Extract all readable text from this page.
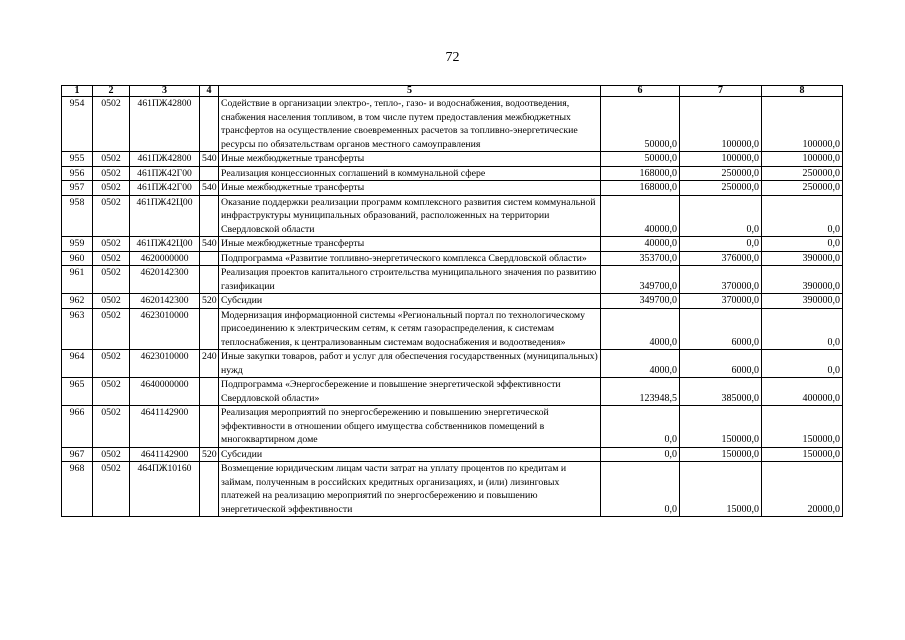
72
1	2	3	4	5	6	7	8
954	0502	461ПЖ42800		Содействие в организации электро-, тепло-, газо- и водоснабжения, водоотведения, снабжения населения топливом, в том числе путем предоставления межбюджетных трансфертов на осуществление своевременных расчетов за топливно-энергетические ресурсы по обязательствам органов местного самоуправления	50000,0	100000,0	100000,0
955	0502	461ПЖ42800	540	Иные межбюджетные трансферты	50000,0	100000,0	100000,0
956	0502	461ПЖ42Г00		Реализация концессионных соглашений в коммунальной сфере	168000,0	250000,0	250000,0
957	0502	461ПЖ42Г00	540	Иные межбюджетные трансферты	168000,0	250000,0	250000,0
958	0502	461ПЖ42Ц00		Оказание поддержки реализации программ комплексного развития систем коммунальной инфраструктуры муниципальных образований, расположенных на территории Свердловской области	40000,0	0,0	0,0
959	0502	461ПЖ42Ц00	540	Иные межбюджетные трансферты	40000,0	0,0	0,0
960	0502	4620000000		Подпрограмма «Развитие топливно-энергетического комплекса Свердловской области»	353700,0	376000,0	390000,0
961	0502	4620142300		Реализация проектов капитального строительства муниципального значения по развитию газификации	349700,0	370000,0	390000,0
962	0502	4620142300	520	Субсидии	349700,0	370000,0	390000,0
963	0502	4623010000		Модернизация информационной системы «Региональный портал по технологическому присоединению к электрическим сетям, к сетям газораспределения, к системам теплоснабжения, к централизованным системам водоснабжения и водоотведения»	4000,0	6000,0	0,0
964	0502	4623010000	240	Иные закупки товаров, работ и услуг для обеспечения государственных (муниципальных) нужд	4000,0	6000,0	0,0
965	0502	4640000000		Подпрограмма «Энергосбережение и повышение энергетической эффективности Свердловской области»	123948,5	385000,0	400000,0
966	0502	4641142900		Реализация мероприятий по энергосбережению и повышению энергетической эффективности в отношении общего имущества собственников помещений в многоквартирном доме	0,0	150000,0	150000,0
967	0502	4641142900	520	Субсидии	0,0	150000,0	150000,0
968	0502	464ПЖ10160		Возмещение юридическим лицам части затрат на уплату процентов по кредитам и займам, полученным в российских кредитных организациях, и (или) лизинговых платежей на реализацию мероприятий по энергосбережению и повышению энергетической эффективности	0,0	15000,0	20000,0
